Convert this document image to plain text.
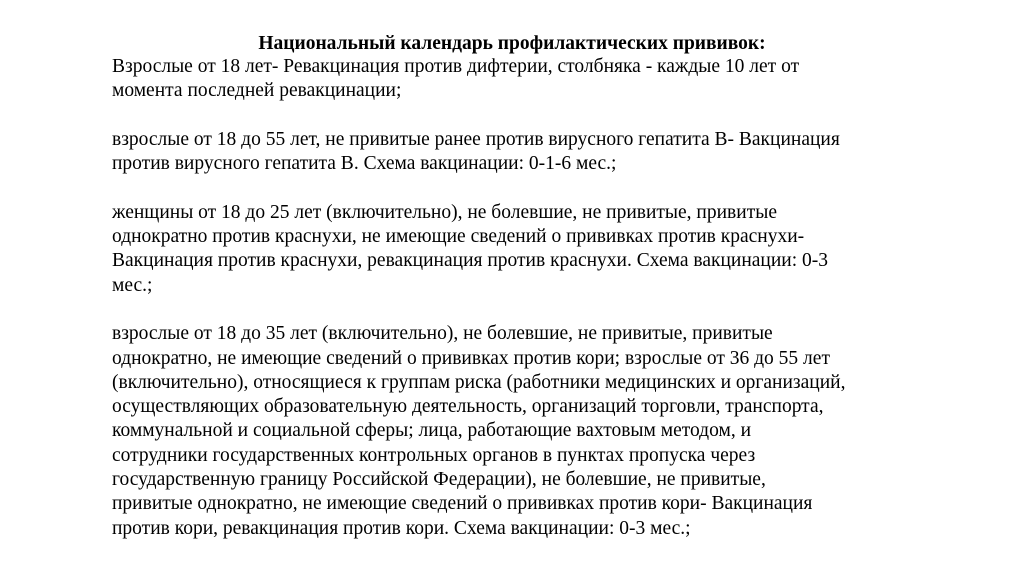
Национальный календарь профилактических прививок:
Взрослые от 18 лет- Ревакцинация против дифтерии, столбняка - каждые 10 лет от
момента последней ревакцинации;
взрослые от 18 до 55 лет, не привитые ранее против вирусного гепатита В- Вакцинация
против вирусного гепатита В. Схема вакцинации: 0-1-6 мес.;
женщины от 18 до 25 лет (включительно), не болевшие, не привитые, привитые
однократно против краснухи, не имеющие сведений о прививках против краснухи-
Вакцинация против краснухи, ревакцинация против краснухи. Схема вакцинации: 0-3
мес.;
взрослые от 18 до 35 лет (включительно), не болевшие, не привитые, привитые
однократно, не имеющие сведений о прививках против кори; взрослые от 36 до 55 лет
(включительно), относящиеся к группам риска (работники медицинских и организаций,
осуществляющих образовательную деятельность, организаций торговли, транспорта,
коммунальной и социальной сферы; лица, работающие вахтовым методом, и
сотрудники государственных контрольных органов в пунктах пропуска через
государственную границу Российской Федерации), не болевшие, не привитые,
привитые однократно, не имеющие сведений о прививках против кори- Вакцинация
против кори, ревакцинация против кори. Схема вакцинации: 0-3 мес.;
